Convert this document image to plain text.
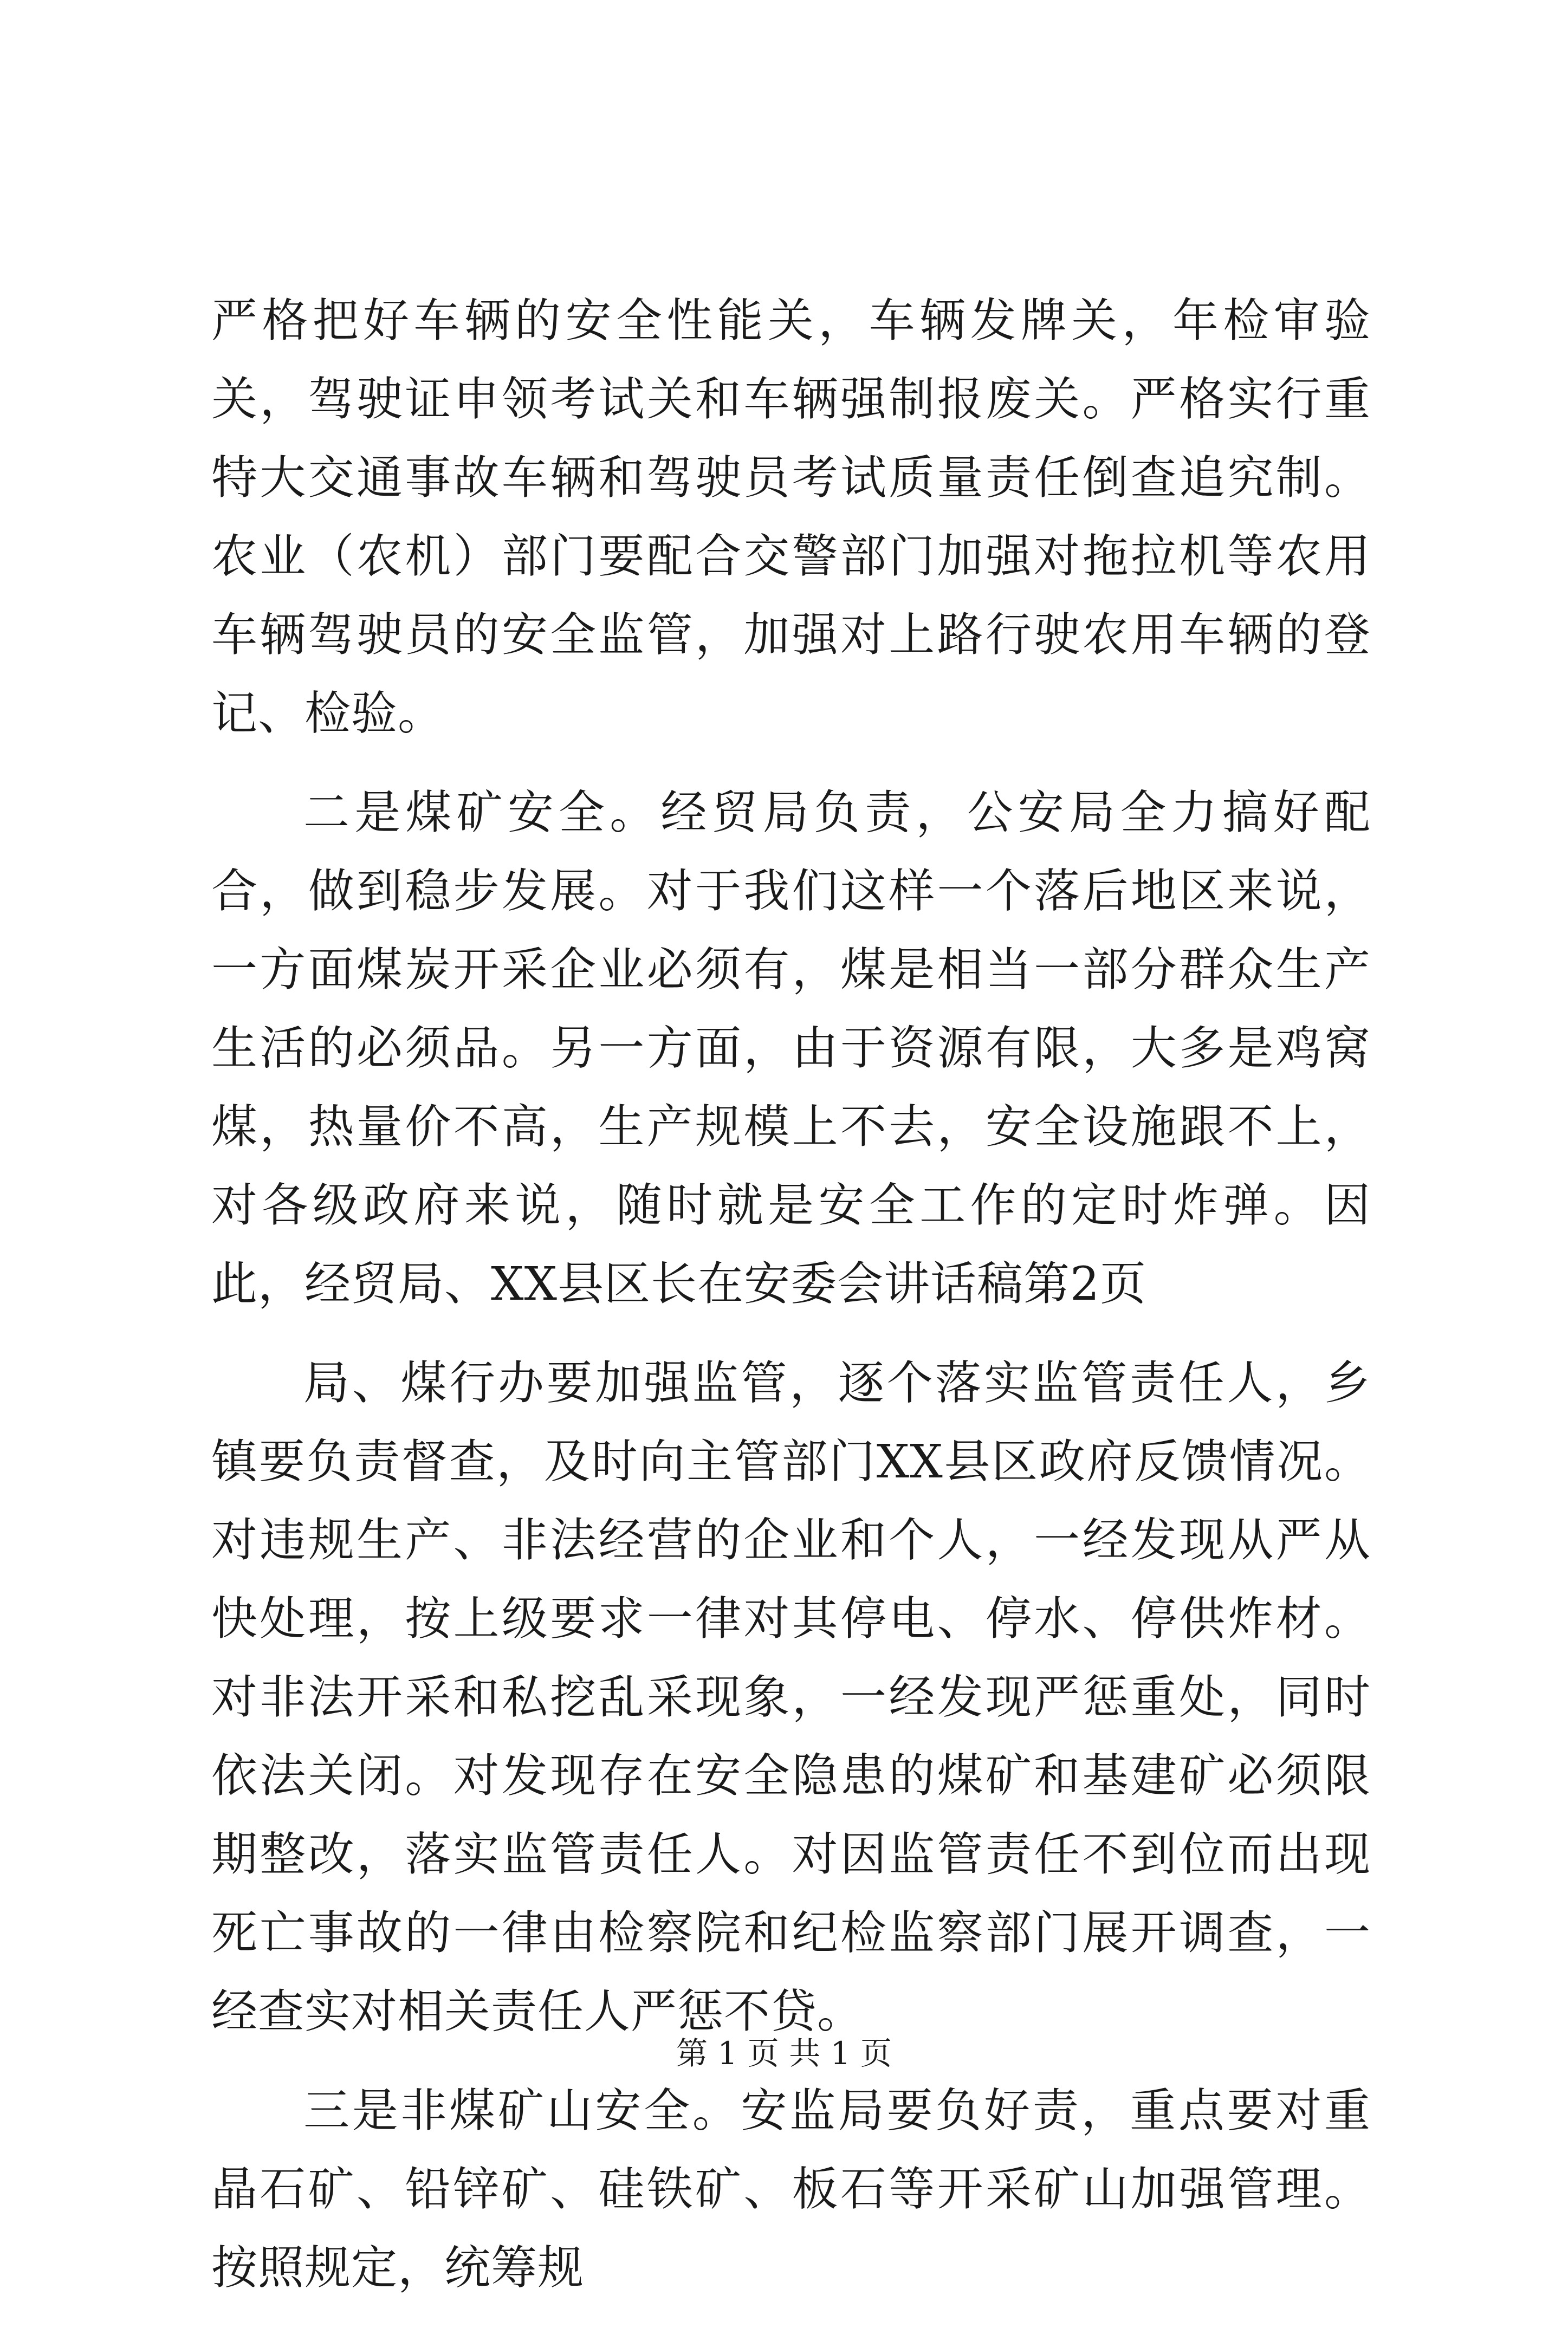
严格把好车辆的安全性能关，车辆发牌关，年检审验关，驾驶证申领考试关和车辆强制报废关。严格实行重特大交通事故车辆和驾驶员考试质量责任倒查追究制。农业（农机）部门要配合交警部门加强对拖拉机等农用车辆驾驶员的安全监管，加强对上路行驶农用车辆的登记、检验。

二是煤矿安全。经贸局负责，公安局全力搞好配合，做到稳步发展。对于我们这样一个落后地区来说，一方面煤炭开采企业必须有，煤是相当一部分群众生产生活的必须品。另一方面，由于资源有限，大多是鸡窝煤，热量价不高，生产规模上不去，安全设施跟不上，对各级政府来说，随时就是安全工作的定时炸弹。因此，经贸局、XX县区长在安委会讲话稿第2页

局、煤行办要加强监管，逐个落实监管责任人，乡镇要负责督查，及时向主管部门XX县区政府反馈情况。对违规生产、非法经营的企业和个人，一经发现从严从快处理，按上级要求一律对其停电、停水、停供炸材。对非法开采和私挖乱采现象，一经发现严惩重处，同时依法关闭。对发现存在安全隐患的煤矿和基建矿必须限期整改，落实监管责任人。对因监管责任不到位而出现死亡事故的一律由检察院和纪检监察部门展开调查，一经查实对相关责任人严惩不贷。

三是非煤矿山安全。安监局要负好责，重点要对重晶石矿、铅锌矿、硅铁矿、板石等开采矿山加强管理。按照规定，统筹规

第 1 页 共 1 页
